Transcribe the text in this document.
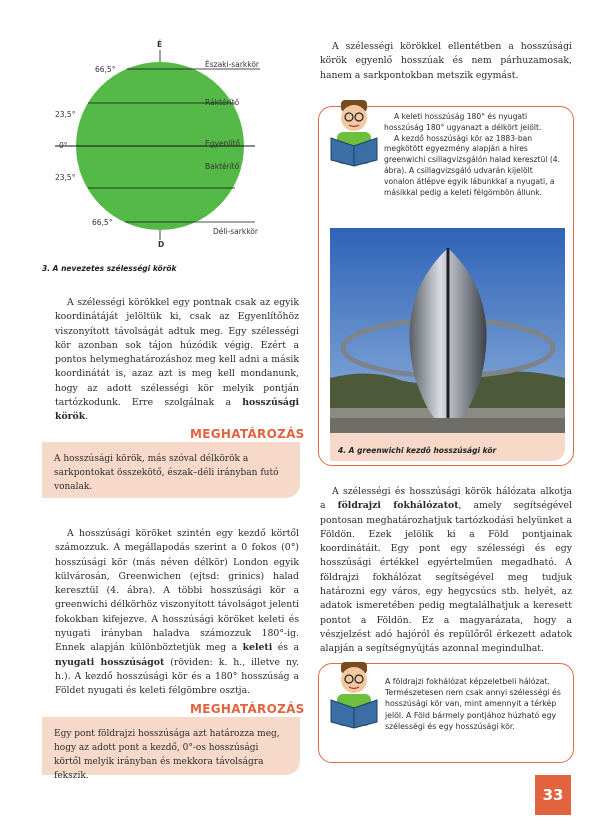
É
D
Északi-sarkkör
Ráktérítő
Egyenlítő
Baktérítő
Déli-sarkkör
66,5°
23,5°
0°
23,5°
66,5°
3. A nevezetes szélességi körök

A szélességi körökkel egy pontnak csak az egyik koordinátáját jelöltük ki, csak az Egyenlítőhöz viszonyított távolságát adtuk meg. Egy szélességi kör azonban sok tájon húzódik végig. Ezért a pontos helymeghatározáshoz meg kell adni a másik koordinátát is, azaz azt is meg kell mondanunk, hogy az adott szélességi kör melyik pontján tartózkodunk. Erre szolgálnak a hosszúsági körök.

MEGHATÁROZÁS
A hosszúsági körök, más szóval délkörök a sarkpontokat összekötő, észak–déli irányban futó vonalak.

A hosszúsági köröket szintén egy kezdő körtől számozzuk. A megállapodás szerint a 0 fokos (0°) hosszúsági kör (más néven délkör) London egyik külvárosán, Greenwichen (ejtsd: grinics) halad keresztül (4. ábra). A többi hosszúsági kör a greenwichi délkörhöz viszonyított távolságot jelenti fokokban kifejezve. A hosszúsági köröket keleti és nyugati irányban haladva számozzuk 180°-ig. Ennek alapján különböztetjük meg a keleti és a nyugati hosszúságot (röviden: k. h., illetve ny. h.). A kezdő hosszúsági kör és a 180° hosszúság a Földet nyugati és keleti félgömbre osztja.

MEGHATÁROZÁS
Egy pont földrajzi hosszúsága azt határozza meg, hogy az adott pont a kezdő, 0°-os hosszúsági körtől melyik irányban és mekkora távolságra fekszik.

A szélességi körökkel ellentétben a hosszúsági körök egyenlő hosszúak és nem párhuzamosak, hanem a sarkpontokban metszik egymást.

A keleti hosszúság 180° és nyugati hosszúság 180° ugyanazt a délkört jelölt.

A kezdő hosszúsági kör az 1883-ban megkötött egyezmény alapján a híres greenwichi csillagvizsgálón halad keresztül (4. ábra). A csillagvizsgáló udvarán kijelölt vonalon átlépve egyik lábunkkal a nyugati, a másikkal pedig a keleti félgömbön állunk.

4. A greenwichi kezdő hosszúsági kör

A szélességi és hosszúsági körök hálózata alkotja a földrajzi fokhálózatot, amely segítségével pontosan meghatározhatjuk tartózkodási helyünket a Földön. Ezek jelölik ki a Föld pontjainak koordinátáit. Egy pont egy szélességi és egy hosszúsági értékkel egyértelműen megadható. A földrajzi fokhálózat segítségével meg tudjuk határozni egy város, egy hegycsúcs stb. helyét, az adatok ismeretében pedig megtalálhatjuk a keresett pontot a Földön. Ez a magyarázata, hogy a vészjelzést adó hajóról és repülőről érkezett adatok alapján a segítségnyújtás azonnal megindulhat.

A földrajzi fokhálózat képzeletbeli hálózat. Természetesen nem csak annyi szélességi és hosszúsági kör van, mint amennyit a térkép jelöl. A Föld bármely pontjához húzható egy szélességi és egy hosszúsági kör.
33
